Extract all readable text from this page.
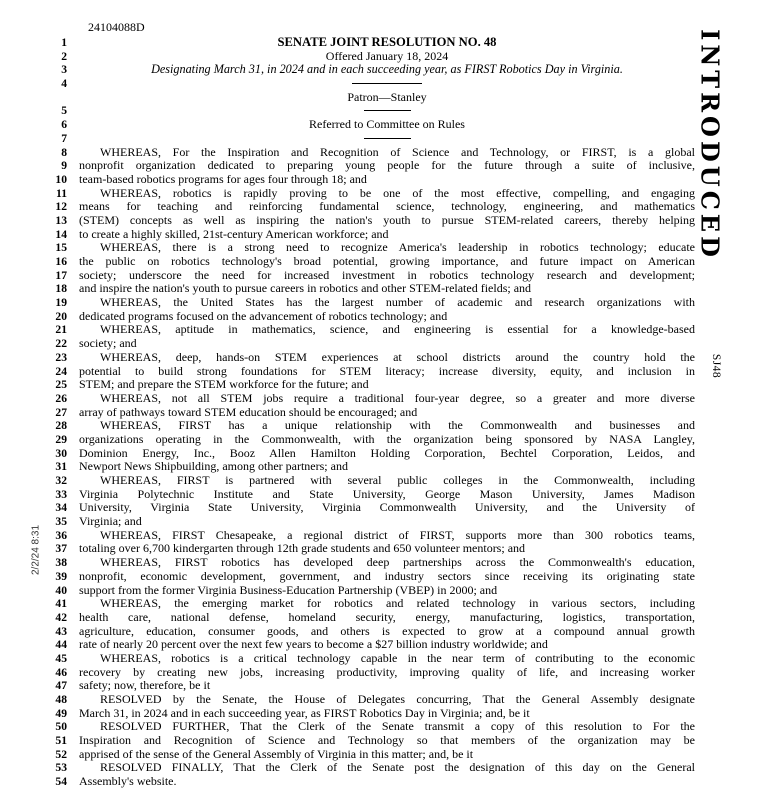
24104088D
1	SENATE JOINT RESOLUTION NO. 48
2	Offered January 18, 2024
3	Designating March 31, in 2024 and in each succeeding year, as FIRST Robotics Day in Virginia.
4
Patron—Stanley
5
6	Referred to Committee on Rules
7
8	WHEREAS, For the Inspiration and Recognition of Science and Technology, or FIRST, is a global
9 nonprofit organization dedicated to preparing young people for the future through a suite of inclusive,
10 team-based robotics programs for ages four through 18; and
11	WHEREAS, robotics is rapidly proving to be one of the most effective, compelling, and engaging
12 means for teaching and reinforcing fundamental science, technology, engineering, and mathematics
13 (STEM) concepts as well as inspiring the nation's youth to pursue STEM-related careers, thereby helping
14 to create a highly skilled, 21st-century American workforce; and
15	WHEREAS, there is a strong need to recognize America's leadership in robotics technology; educate
16 the public on robotics technology's broad potential, growing importance, and future impact on American
17 society; underscore the need for increased investment in robotics technology research and development;
18 and inspire the nation's youth to pursue careers in robotics and other STEM-related fields; and
19	WHEREAS, the United States has the largest number of academic and research organizations with
20 dedicated programs focused on the advancement of robotics technology; and
21	WHEREAS, aptitude in mathematics, science, and engineering is essential for a knowledge-based
22 society; and
23	WHEREAS, deep, hands-on STEM experiences at school districts around the country hold the
24 potential to build strong foundations for STEM literacy; increase diversity, equity, and inclusion in
25 STEM; and prepare the STEM workforce for the future; and
26	WHEREAS, not all STEM jobs require a traditional four-year degree, so a greater and more diverse
27 array of pathways toward STEM education should be encouraged; and
28	WHEREAS, FIRST has a unique relationship with the Commonwealth and businesses and
29 organizations operating in the Commonwealth, with the organization being sponsored by NASA Langley,
30 Dominion Energy, Inc., Booz Allen Hamilton Holding Corporation, Bechtel Corporation, Leidos, and
31 Newport News Shipbuilding, among other partners; and
32	WHEREAS, FIRST is partnered with several public colleges in the Commonwealth, including
33 Virginia Polytechnic Institute and State University, George Mason University, James Madison
34 University, Virginia State University, Virginia Commonwealth University, and the University of
35 Virginia; and
36	WHEREAS, FIRST Chesapeake, a regional district of FIRST, supports more than 300 robotics teams,
37 totaling over 6,700 kindergarten through 12th grade students and 650 volunteer mentors; and
38	WHEREAS, FIRST robotics has developed deep partnerships across the Commonwealth's education,
39 nonprofit, economic development, government, and industry sectors since receiving its originating state
40 support from the former Virginia Business-Education Partnership (VBEP) in 2000; and
41	WHEREAS, the emerging market for robotics and related technology in various sectors, including
42 health care, national defense, homeland security, energy, manufacturing, logistics, transportation,
43 agriculture, education, consumer goods, and others is expected to grow at a compound annual growth
44 rate of nearly 20 percent over the next few years to become a $27 billion industry worldwide; and
45	WHEREAS, robotics is a critical technology capable in the near term of contributing to the economic
46 recovery by creating new jobs, increasing productivity, improving quality of life, and increasing worker
47 safety; now, therefore, be it
48	RESOLVED by the Senate, the House of Delegates concurring, That the General Assembly designate
49 March 31, in 2024 and in each succeeding year, as FIRST Robotics Day in Virginia; and, be it
50	RESOLVED FURTHER, That the Clerk of the Senate transmit a copy of this resolution to For the
51 Inspiration and Recognition of Science and Technology so that members of the organization may be
52 apprised of the sense of the General Assembly of Virginia in this matter; and, be it
53	RESOLVED FINALLY, That the Clerk of the Senate post the designation of this day on the General
54 Assembly's website.
INTRODUCED
SJ48
2/2/24 8:31
